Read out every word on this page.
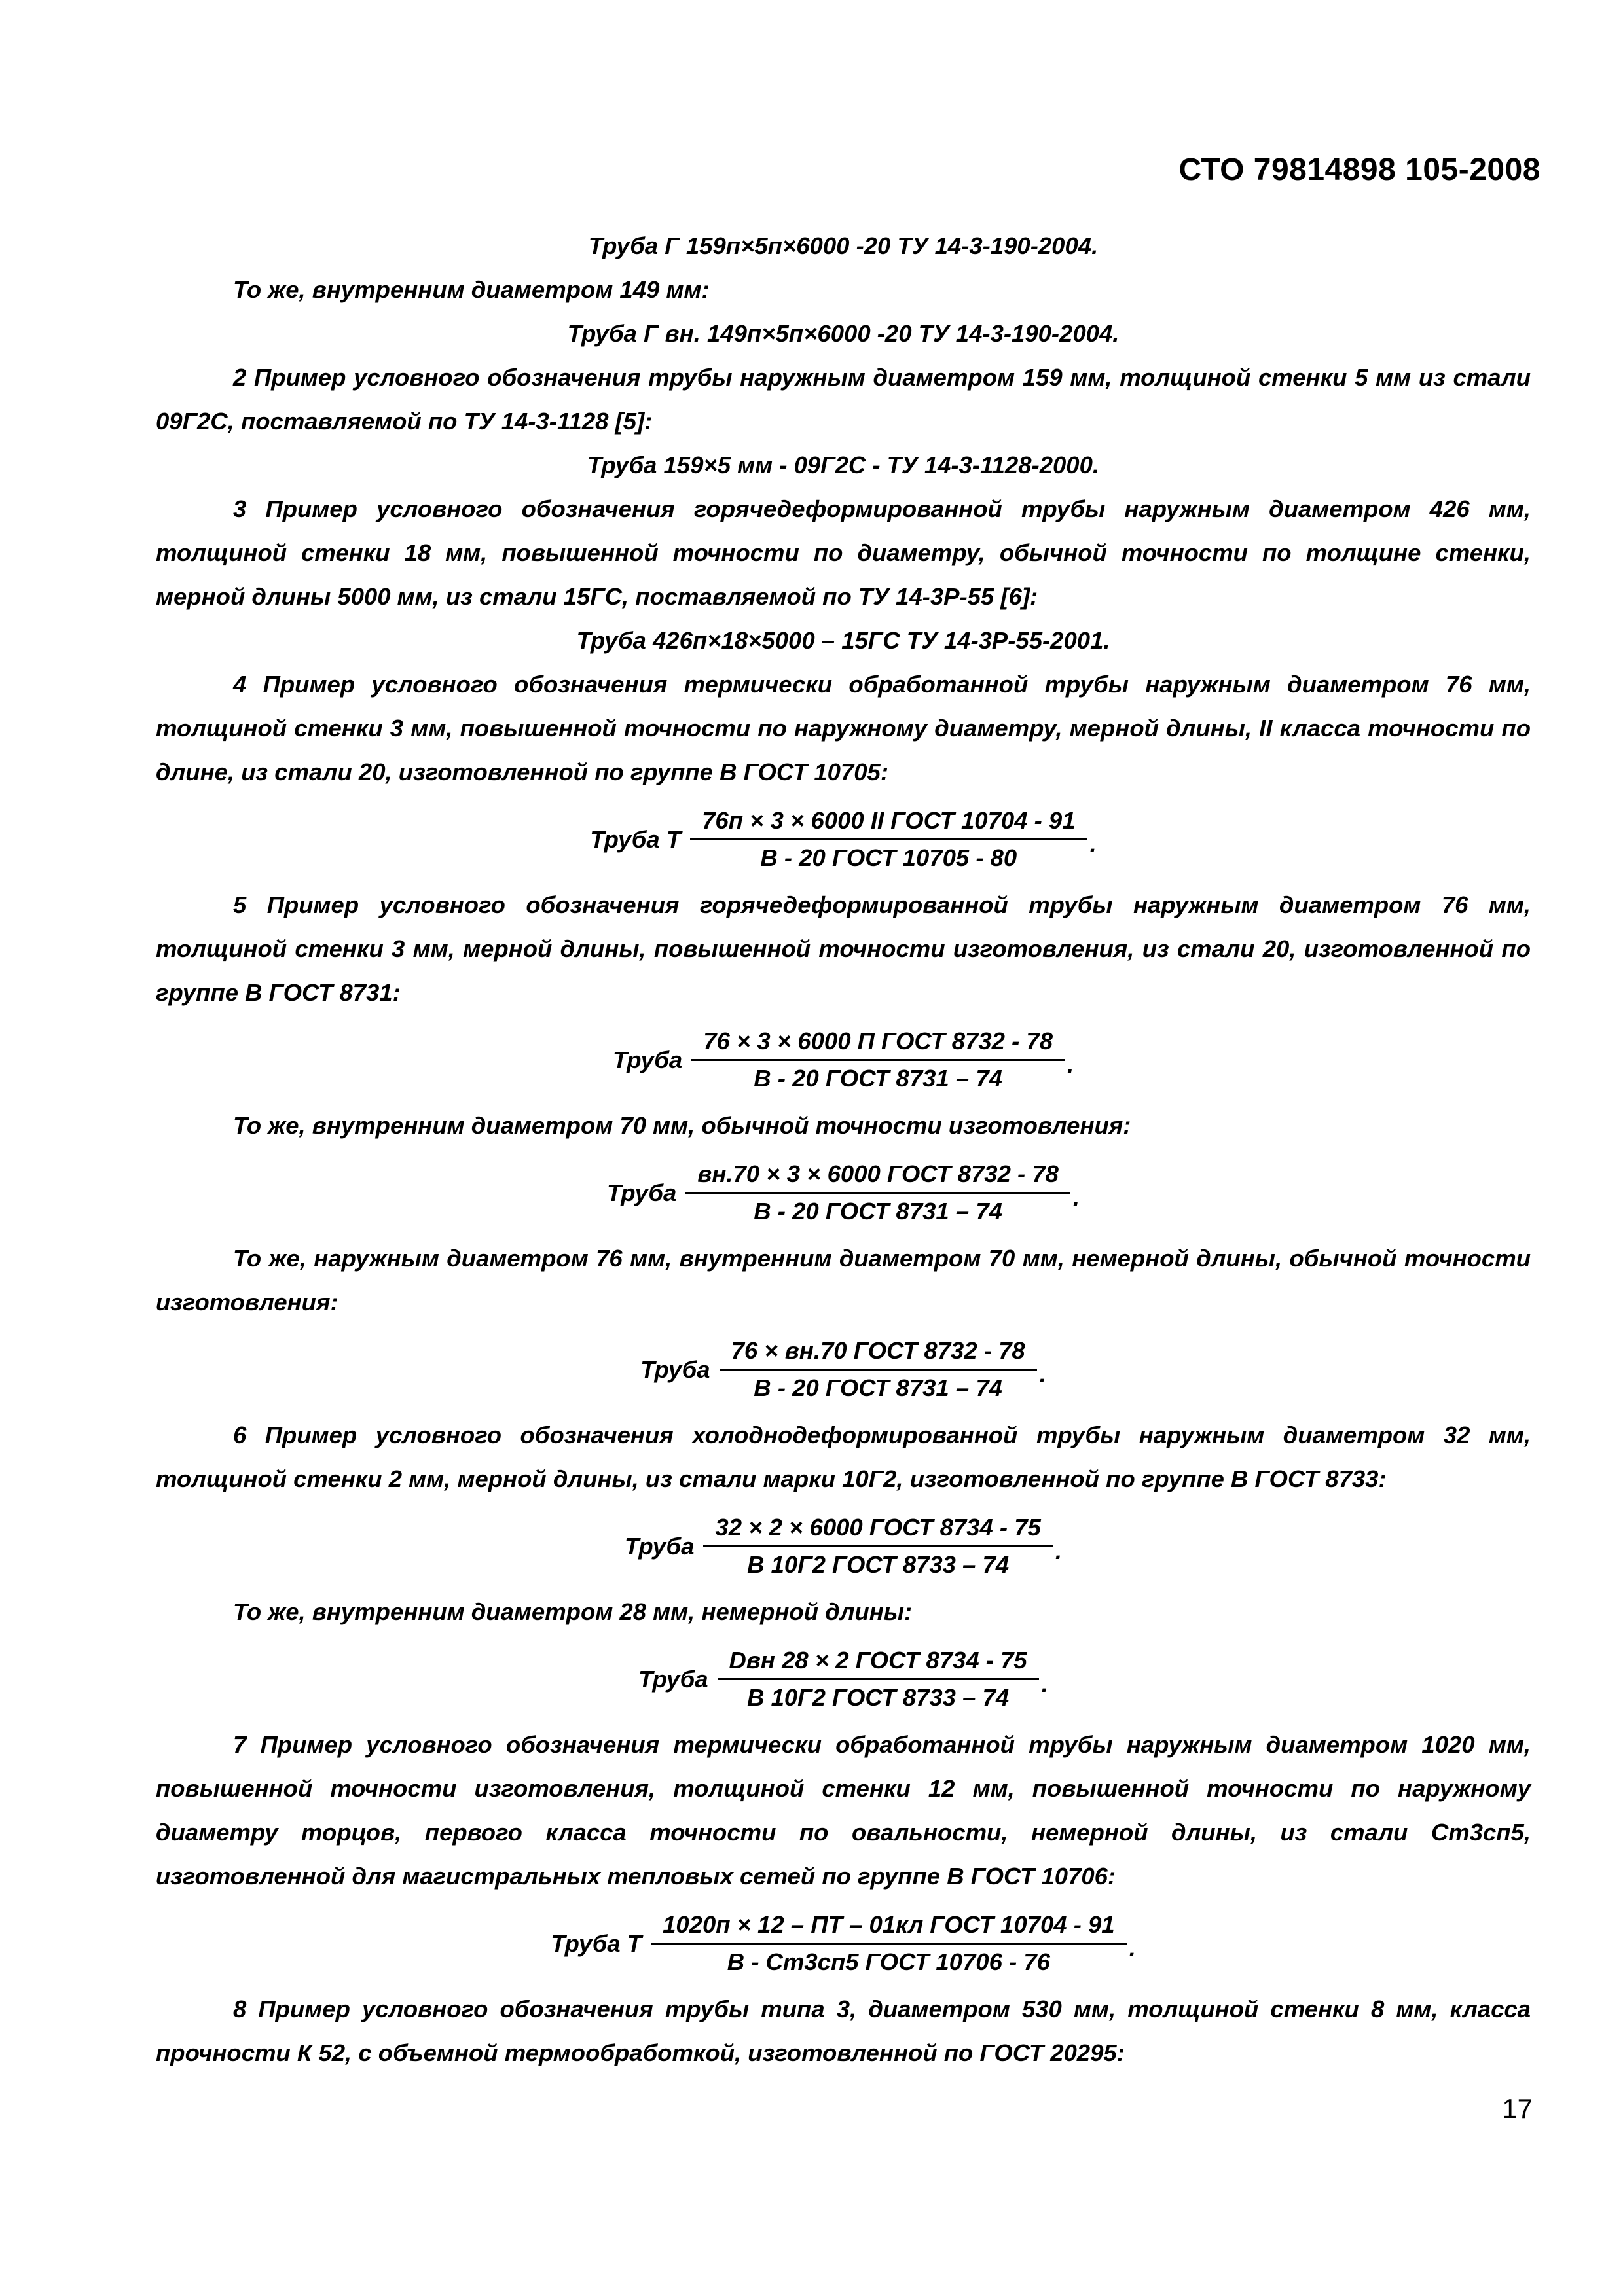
СТО 79814898 105-2008

Труба Г 159п×5п×6000 -20 ТУ 14-3-190-2004.

То же, внутренним диаметром 149 мм:

Труба Г вн. 149п×5п×6000 -20 ТУ 14-3-190-2004.

2 Пример условного обозначения трубы наружным диаметром 159 мм, толщиной стенки 5 мм из стали 09Г2С, поставляемой по ТУ 14-3-1128 [5]:

Труба 159×5 мм - 09Г2С - ТУ 14-3-1128-2000.

3 Пример условного обозначения горячедеформированной трубы наружным диаметром 426 мм, толщиной стенки 18 мм, повышенной точности по диаметру, обычной точности по толщине стенки, мерной длины 5000 мм, из стали 15ГС, поставляемой по ТУ 14-3Р-55 [6]:

Труба 426п×18×5000 – 15ГС ТУ 14-3Р-55-2001.

4 Пример условного обозначения термически обработанной трубы наружным диаметром 76 мм, толщиной стенки 3 мм, повышенной точности по наружному диаметру, мерной длины, II класса точности по длине, из стали 20, изготовленной по группе В ГОСТ 10705:

Труба Т $\frac{\text{76п × 3 × 6000 II ГОСТ 10704 - 91}}{\text{В - 20 ГОСТ 10705 - 80}}$ .

5 Пример условного обозначения горячедеформированной трубы наружным диаметром 76 мм, толщиной стенки 3 мм, мерной длины, повышенной точности изготовления, из стали 20, изготовленной по группе В ГОСТ 8731:

Труба $\frac{\text{76 × 3 × 6000 П ГОСТ 8732 - 78}}{\text{В - 20 ГОСТ 8731 – 74}}$ .

То же, внутренним диаметром 70 мм, обычной точности изготовления:

Труба $\frac{\text{вн.70 × 3 × 6000 ГОСТ 8732 - 78}}{\text{В - 20 ГОСТ 8731 – 74}}$ .

То же, наружным диаметром 76 мм, внутренним диаметром 70 мм, немерной длины, обычной точности изготовления:

Труба $\frac{\text{76 × вн.70 ГОСТ 8732 - 78}}{\text{В - 20 ГОСТ 8731 – 74}}$ .

6 Пример условного обозначения холоднодеформированной трубы наружным диаметром 32 мм, толщиной стенки 2 мм, мерной длины, из стали марки 10Г2, изготовленной по группе В ГОСТ 8733:

Труба $\frac{\text{32 × 2 × 6000 ГОСТ 8734 - 75}}{\text{В 10Г2 ГОСТ 8733 – 74}}$ .

То же, внутренним диаметром 28 мм, немерной длины:

Труба $\frac{\text{Dвн 28 × 2 ГОСТ 8734 - 75}}{\text{В 10Г2 ГОСТ 8733 – 74}}$ .

7 Пример условного обозначения термически обработанной трубы наружным диаметром 1020 мм, повышенной точности изготовления, толщиной стенки 12 мм, повышенной точности по наружному диаметру торцов, первого класса точности по овальности, немерной длины, из стали Ст3сп5, изготовленной для магистральных тепловых сетей по группе В ГОСТ 10706:

Труба Т $\frac{\text{1020п × 12 – ПТ – 01кл ГОСТ 10704 - 91}}{\text{В - Ст3сп5 ГОСТ 10706 - 76}}$ .

8 Пример условного обозначения трубы типа 3, диаметром 530 мм, толщиной стенки 8 мм, класса прочности К 52, с объемной термообработкой, изготовленной по ГОСТ 20295:

17
